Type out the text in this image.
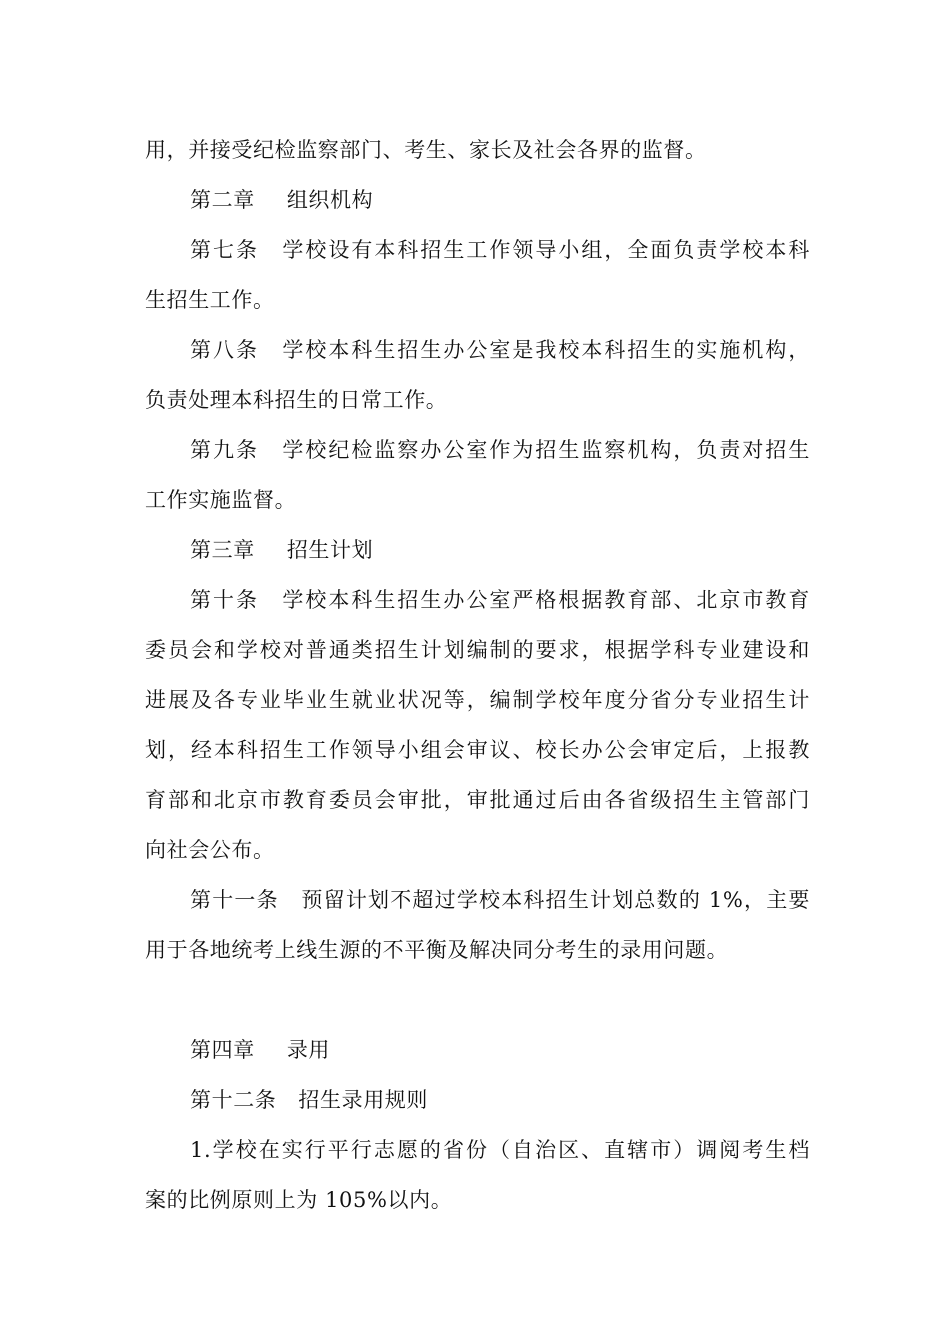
用，并接受纪检监察部门、考生、家长及社会各界的监督。
第二章 组织机构
第七条 学校设有本科招生工作领导小组，全面负责学校本科
生招生工作。
第八条 学校本科生招生办公室是我校本科招生的实施机构，
负责处理本科招生的日常工作。
第九条 学校纪检监察办公室作为招生监察机构，负责对招生
工作实施监督。
第三章 招生计划
第十条 学校本科生招生办公室严格根据教育部、北京市教育
委员会和学校对普通类招生计划编制的要求，根据学科专业建设和
进展及各专业毕业生就业状况等，编制学校年度分省分专业招生计
划，经本科招生工作领导小组会审议、校长办公会审定后，上报教
育部和北京市教育委员会审批，审批通过后由各省级招生主管部门
向社会公布。
第十一条 预留计划不超过学校本科招生计划总数的 1%，主要
用于各地统考上线生源的不平衡及解决同分考生的录用问题。
第四章 录用
第十二条 招生录用规则
1.学校在实行平行志愿的省份（自治区、直辖市）调阅考生档
案的比例原则上为 105%以内。
